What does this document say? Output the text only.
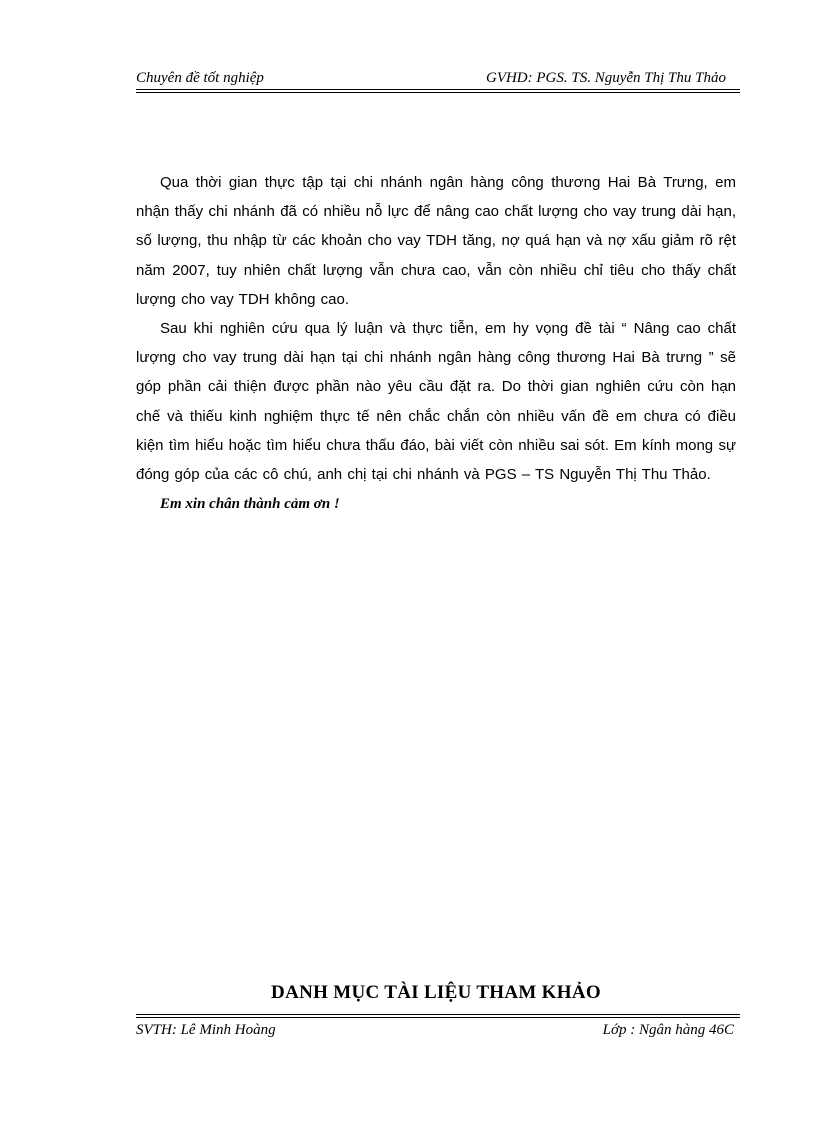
Chuyên đề tốt nghiệp	GVHD: PGS. TS. Nguyễn Thị Thu Thảo

Qua thời gian thực tập tại chi nhánh ngân hàng công thương Hai Bà Trưng, em nhận thấy chi nhánh đã có nhiều nỗ lực để nâng cao chất lượng cho vay trung dài hạn, số lượng, thu nhập từ các khoản cho vay TDH tăng, nợ quá hạn và nợ xấu giảm rõ rệt năm 2007, tuy nhiên chất lượng vẫn chưa cao, vẫn còn nhiều chỉ tiêu cho thấy chất lượng cho vay TDH không cao.

Sau khi nghiên cứu qua lý luận và thực tiễn, em hy vọng đề tài “ Nâng cao chất lượng cho vay trung dài hạn tại chi nhánh ngân hàng công thương Hai Bà trưng ” sẽ góp phần cải thiện được phần nào yêu cầu đặt ra. Do thời gian nghiên cứu còn hạn chế và thiếu kinh nghiệm thực tế nên chắc chắn còn nhiều vấn đề em chưa có điều kiện tìm hiểu hoặc tìm hiểu chưa thấu đáo, bài viết còn nhiều sai sót. Em kính mong sự đóng góp của các cô chú, anh chị tại chi nhánh và PGS – TS Nguyễn Thị Thu Thảo.

Em xin chân thành cảm ơn !

DANH MỤC TÀI LIỆU THAM KHẢO
SVTH: Lê Minh Hoàng	Lớp : Ngân hàng 46C
